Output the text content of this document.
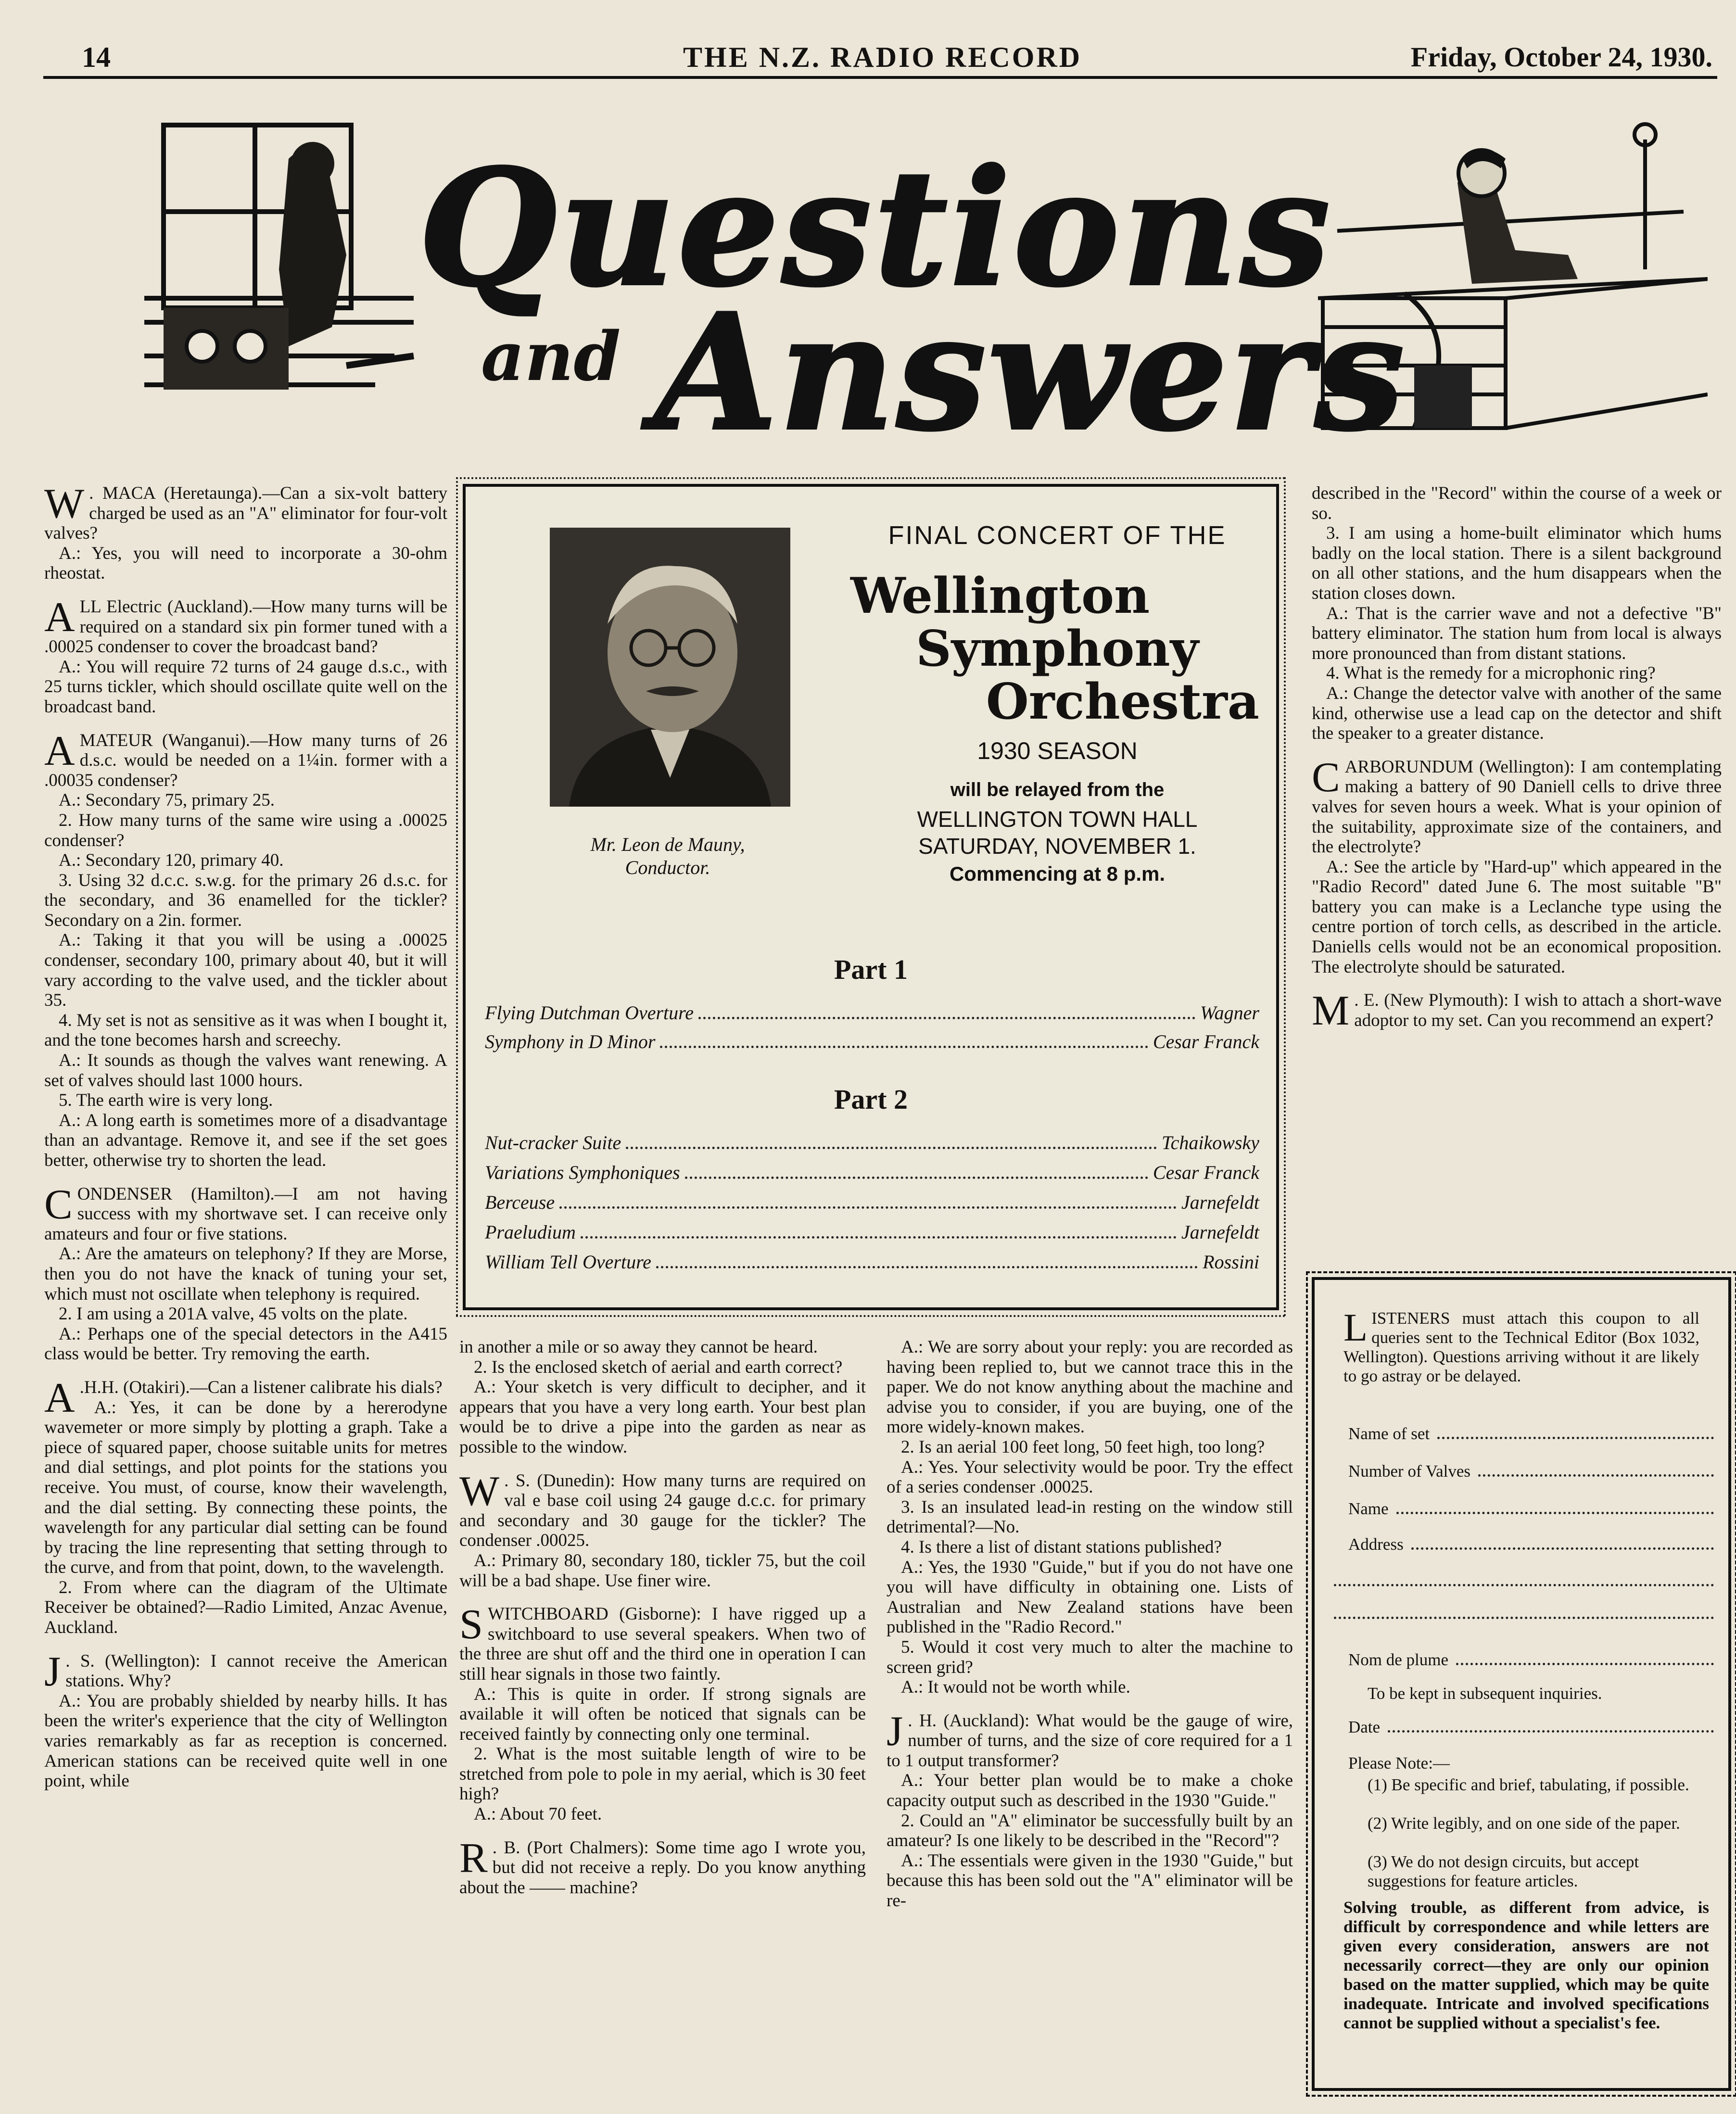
14	THE N.Z. RADIO RECORD	Friday, October 24, 1930.
Questions
and Answers

W . MACA (Heretaunga).—Can a six-volt battery charged be used as an "A" eliminator for four-volt valves?

A.: Yes, you will need to incorporate a 30-ohm rheostat.

ALL Electric (Auckland).—How many turns will be required on a standard six pin former tuned with a .00025 condenser to cover the broadcast band?

A.: You will require 72 turns of 24 gauge d.s.c., with 25 turns tickler, which should oscillate quite well on the broadcast band.

AMATEUR (Wanganui).—How many turns of 26 d.s.c. would be needed on a 1¼in. former with a .00035 condenser?

A.: Secondary 75, primary 25.

2. How many turns of the same wire using a .00025 condenser?

A.: Secondary 120, primary 40.

3. Using 32 d.c.c. s.w.g. for the primary 26 d.s.c. for the secondary, and 36 enamelled for the tickler? Secondary on a 2in. former.

A.: Taking it that you will be using a .00025 condenser, secondary 100, primary about 40, but it will vary according to the valve used, and the tickler about 35.

4. My set is not as sensitive as it was when I bought it, and the tone becomes harsh and screechy.

A.: It sounds as though the valves want renewing. A set of valves should last 1000 hours.

5. The earth wire is very long.

A.: A long earth is sometimes more of a disadvantage than an advantage. Remove it, and see if the set goes better, otherwise try to shorten the lead.

CONDENSER (Hamilton).—I am not having success with my shortwave set. I can receive only amateurs and four or five stations.

A.: Are the amateurs on telephony? If they are Morse, then you do not have the knack of tuning your set, which must not oscillate when telephony is required.

2. I am using a 201A valve, 45 volts on the plate.

A.: Perhaps one of the special detectors in the A415 class would be better. Try removing the earth.

A .H.H. (Otakiri).—Can a listener calibrate his dials?

A.: Yes, it can be done by a hererodyne wavemeter or more simply by plotting a graph. Take a piece of squared paper, choose suitable units for metres and dial settings, and plot points for the stations you receive. You must, of course, know their wavelength, and the dial setting. By connecting these points, the wavelength for any particular dial setting can be found by tracing the line representing that setting through to the curve, and from that point, down, to the wavelength.

2. From where can the diagram of the Ultimate Receiver be obtained?—Radio Limited, Anzac Avenue, Auckland.

J . S. (Wellington): I cannot receive the American stations. Why?

A.: You are probably shielded by nearby hills. It has been the writer's experience that the city of Wellington varies remarkably as far as reception is concerned. American stations can be received quite well in one point, while

Mr. Leon de Mauny,
Conductor.
FINAL CONCERT OF THE
Wellington
Symphony
Orchestra
1930 SEASON
will be relayed from the
WELLINGTON TOWN HALL
SATURDAY, NOVEMBER 1.
Commencing at 8 p.m.
Part 1
Flying Dutchman Overture	Wagner
Symphony in D Minor	Cesar Franck
Part 2
Nut-cracker Suite	Tchaikowsky
Variations Symphoniques	Cesar Franck
Berceuse	Jarnefeldt
Praeludium	Jarnefeldt
William Tell Overture	Rossini

in another a mile or so away they cannot be heard.

2. Is the enclosed sketch of aerial and earth correct?

A.: Your sketch is very difficult to decipher, and it appears that you have a very long earth. Your best plan would be to drive a pipe into the garden as near as possible to the window.

W . S. (Dunedin): How many turns are required on val e base coil using 24 gauge d.c.c. for primary and secondary and 30 gauge for the tickler? The condenser .00025.

A.: Primary 80, secondary 180, tickler 75, but the coil will be a bad shape. Use finer wire.

SWITCHBOARD (Gisborne): I have rigged up a switchboard to use several speakers. When two of the three are shut off and the third one in operation I can still hear signals in those two faintly.

A.: This is quite in order. If strong signals are available it will often be noticed that signals can be received faintly by connecting only one terminal.

2. What is the most suitable length of wire to be stretched from pole to pole in my aerial, which is 30 feet high?

A.: About 70 feet.

R . B. (Port Chalmers): Some time ago I wrote you, but did not receive a reply. Do you know anything about the —— machine?

A.: We are sorry about your reply: you are recorded as having been replied to, but we cannot trace this in the paper. We do not know anything about the machine and advise you to consider, if you are buying, one of the more widely-known makes.

2. Is an aerial 100 feet long, 50 feet high, too long?

A.: Yes. Your selectivity would be poor. Try the effect of a series condenser .00025.

3. Is an insulated lead-in resting on the window still detrimental?—No.

4. Is there a list of distant stations published?

A.: Yes, the 1930 "Guide," but if you do not have one you will have difficulty in obtaining one. Lists of Australian and New Zealand stations have been published in the "Radio Record."

5. Would it cost very much to alter the machine to screen grid?

A.: It would not be worth while.

J . H. (Auckland): What would be the gauge of wire, number of turns, and the size of core required for a 1 to 1 output transformer?

A.: Your better plan would be to make a choke capacity output such as described in the 1930 "Guide."

2. Could an "A" eliminator be successfully built by an amateur? Is one likely to be described in the "Record"?

A.: The essentials were given in the 1930 "Guide," but because this has been sold out the "A" eliminator will be re-

described in the "Record" within the course of a week or so.

3. I am using a home-built eliminator which hums badly on the local station. There is a silent background on all other stations, and the hum disappears when the station closes down.

A.: That is the carrier wave and not a defective "B" battery eliminator. The station hum from local is always more pronounced than from distant stations.

4. What is the remedy for a microphonic ring?

A.: Change the detector valve with another of the same kind, otherwise use a lead cap on the detector and shift the speaker to a greater distance.

CARBORUNDUM (Wellington): I am contemplating making a battery of 90 Daniell cells to drive three valves for seven hours a week. What is your opinion of the suitability, approximate size of the containers, and the electrolyte?

A.: See the article by "Hard-up" which appeared in the "Radio Record" dated June 6. The most suitable "B" battery you can make is a Leclanche type using the centre portion of torch cells, as described in the article. Daniells cells would not be an economical proposition. The electrolyte should be saturated.

M . E. (New Plymouth): I wish to attach a short-wave adoptor to my set. Can you recommend an expert?

LISTENERS must attach this coupon to all queries sent to the Technical Editor (Box 1032, Wellington). Questions arriving without it are likely to go astray or be delayed.
Name of set
Number of Valves
Name
Address
Nom de plume
To be kept in subsequent inquiries.
Date
Please Note:—
(1) Be specific and brief, tabulating, if possible.
(2) Write legibly, and on one side of the paper.
(3) We do not design circuits, but accept suggestions for feature articles.
Solving trouble, as different from advice, is difficult by correspondence and while letters are given every consideration, answers are not necessarily correct—they are only our opinion based on the matter supplied, which may be quite inadequate. Intricate and involved specifications cannot be supplied without a specialist's fee.
